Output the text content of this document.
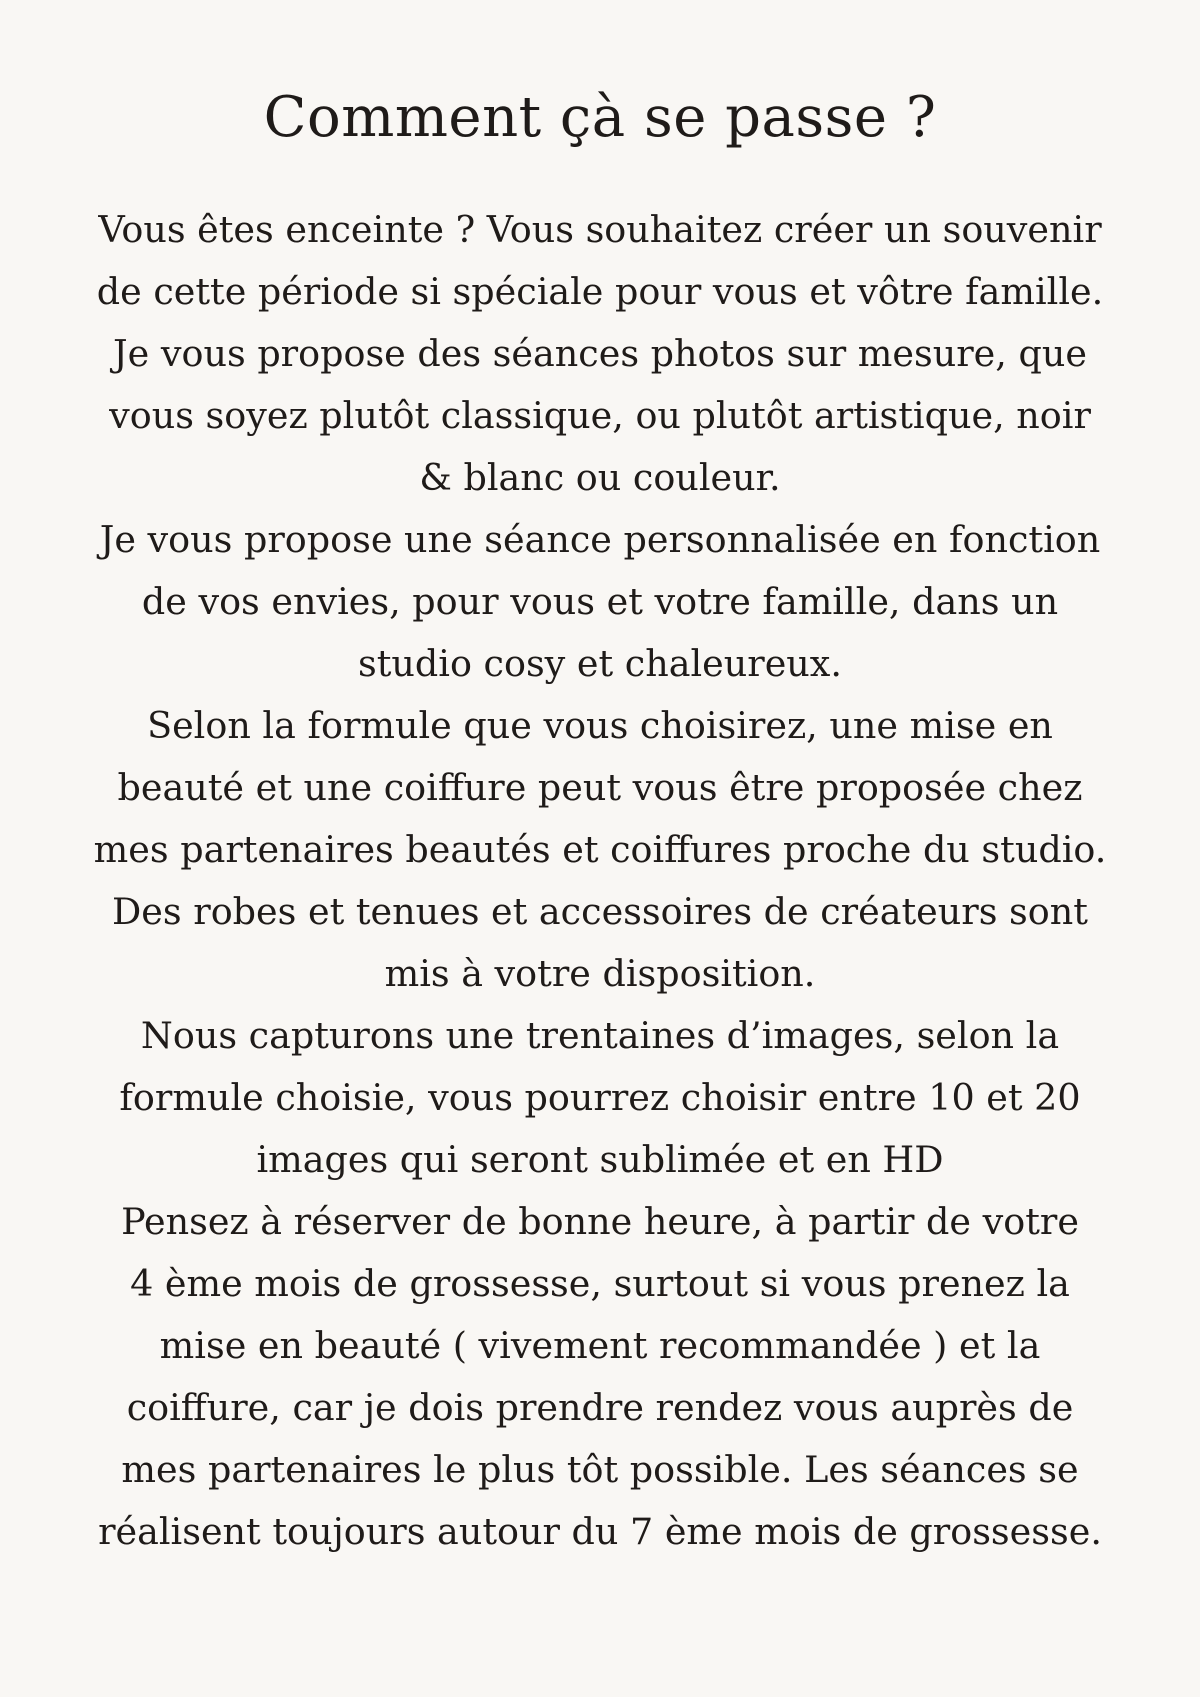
Comment çà se passe ?
Vous êtes enceinte ? Vous souhaitez créer un souvenir
de cette période si spéciale pour vous et vôtre famille.
Je vous propose des séances photos sur mesure, que
vous soyez plutôt classique, ou plutôt artistique, noir
& blanc ou couleur.
Je vous propose une séance personnalisée en fonction
de vos envies, pour vous et votre famille, dans un
studio cosy et chaleureux.
Selon la formule que vous choisirez, une mise en
beauté et une coiffure peut vous être proposée chez
mes partenaires beautés et coiffures proche du studio.
Des robes et tenues et accessoires de créateurs sont
mis à votre disposition.
Nous capturons une trentaines d’images, selon la
formule choisie, vous pourrez choisir entre 10 et 20
images qui seront sublimée et en HD
Pensez à réserver de bonne heure, à partir de votre
4 ème mois de grossesse, surtout si vous prenez la
mise en beauté ( vivement recommandée ) et la
coiffure, car je dois prendre rendez vous auprès de
mes partenaires le plus tôt possible. Les séances se
réalisent toujours autour du 7 ème mois de grossesse.
